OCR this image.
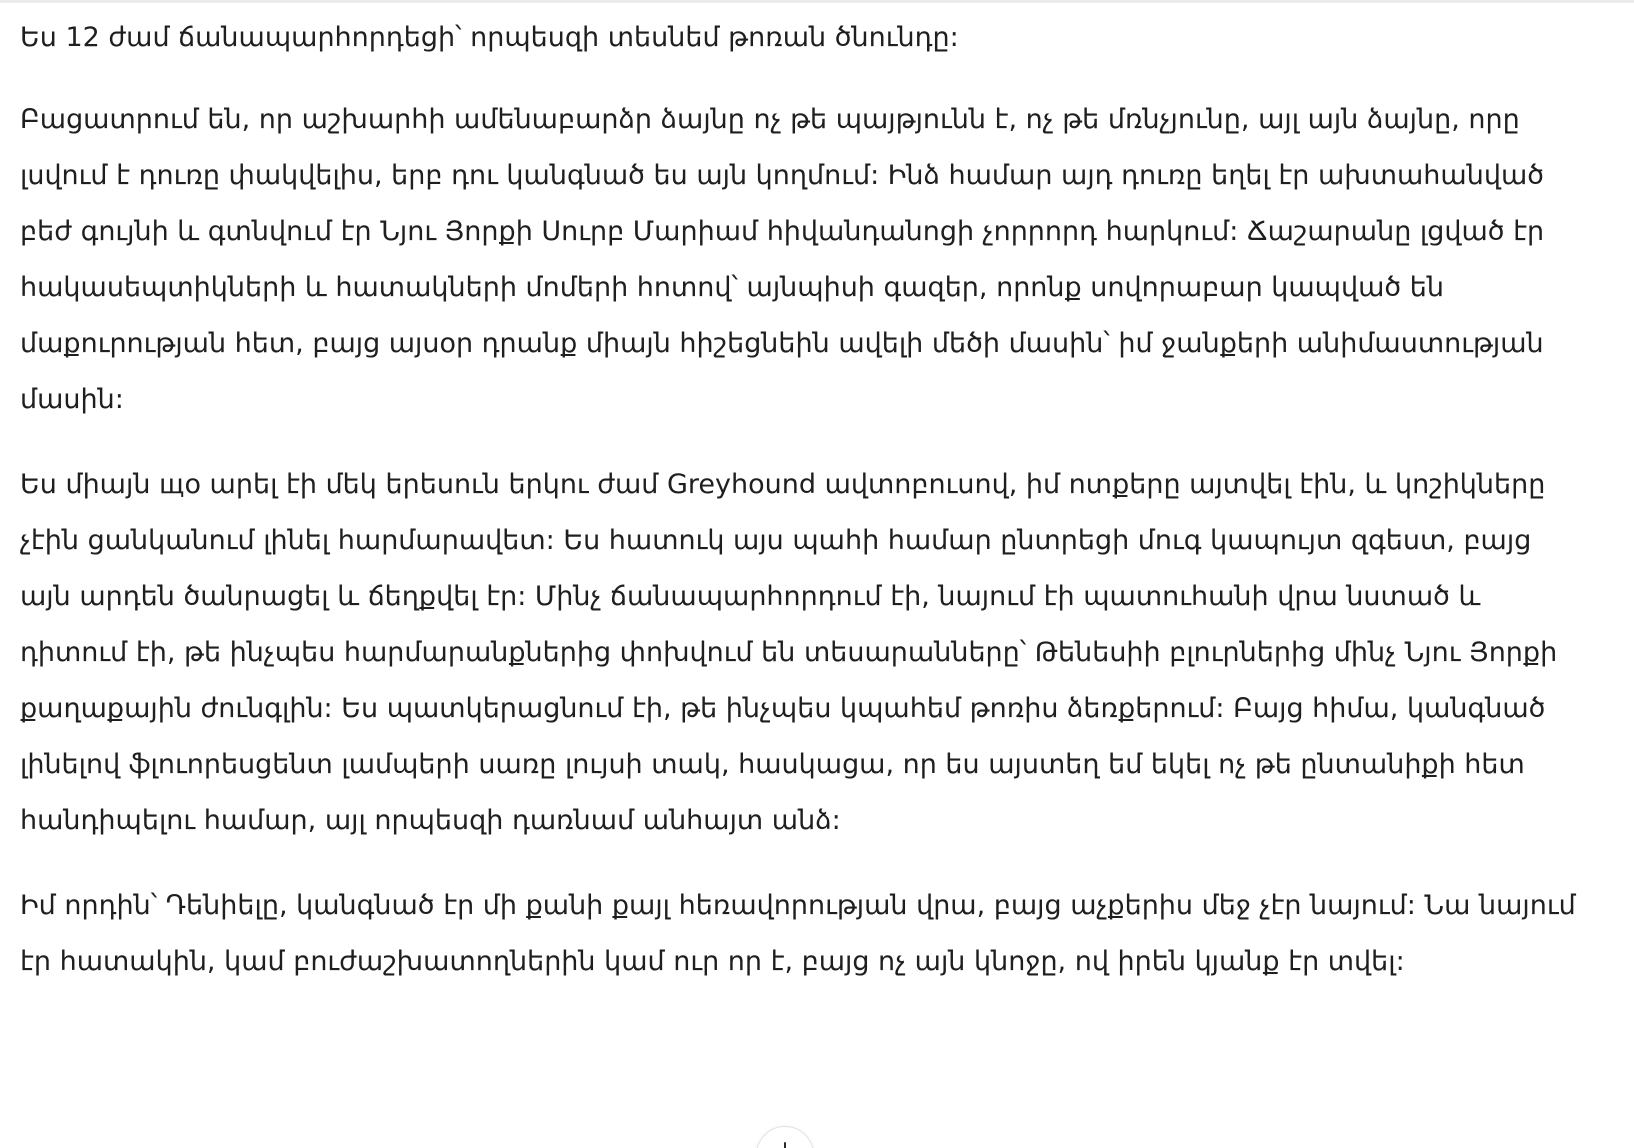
Ես 12 ժամ ճանապարհորդեցի՝ որպեսզի տեսնեմ թոռան ծնունդը:

Բացատրում են, որ աշխարհի ամենաբարձր ձայնը ոչ թե պայթյունն է, ոչ թե մռնչյունը, այլ այն ձայնը, որը լսվում է դուռը փակվելիս, երբ դու կանգնած ես այն կողմում: Ինձ համար այդ դուռը եղել էր ախտահանված բեժ գույնի և գտնվում էր Նյու Յորքի Սուրբ Մարիամ հիվանդանոցի չորրորդ հարկում: Ճաշարանը լցված էր հակասեպտիկների և հատակների մոմերի հոտով՝ այնպիսի գազեր, որոնք սովորաբար կապված են մաքուրության հետ, բայց այսօր դրանք միայն հիշեցնեին ավելի մեծի մասին՝ իմ ջանքերի անիմաստության մասին:

Ես միայն що արել էի մեկ երեսուն երկու ժամ Greyhound ավտոբուսով, իմ ոտքերը այտվել էին, և կոշիկները չէին ցանկանում լինել հարմարավետ: Ես հատուկ այս պահի համար ընտրեցի մուգ կապույտ զգեստ, բայց այն արդեն ծանրացել և ճեղքվել էր: Մինչ ճանապարհորդում էի, նայում էի պատուհանի վրա նստած և դիտում էի, թե ինչպես հարմարանքներից փոխվում են տեսարանները՝ Թենեսիի բլուրներից մինչ Նյու Յորքի քաղաքային ժունգլին: Ես պատկերացնում էի, թե ինչպես կպահեմ թոռիս ձեռքերում: Բայց հիմա, կանգնած լինելով ֆլուորեսցենտ լամպերի սառը լույսի տակ, հասկացա, որ ես այստեղ եմ եկել ոչ թե ընտանիքի հետ հանդիպելու համար, այլ որպեսզի դառնամ անհայտ անձ:

Իմ որդին՝ Դենիելը, կանգնած էր մի քանի քայլ հեռավորության վրա, բայց աչքերիս մեջ չէր նայում: Նա նայում էր հատակին, կամ բուժաշխատողներին կամ ուր որ է, բայց ոչ այն կնոջը, ով իրեն կյանք էր տվել:
